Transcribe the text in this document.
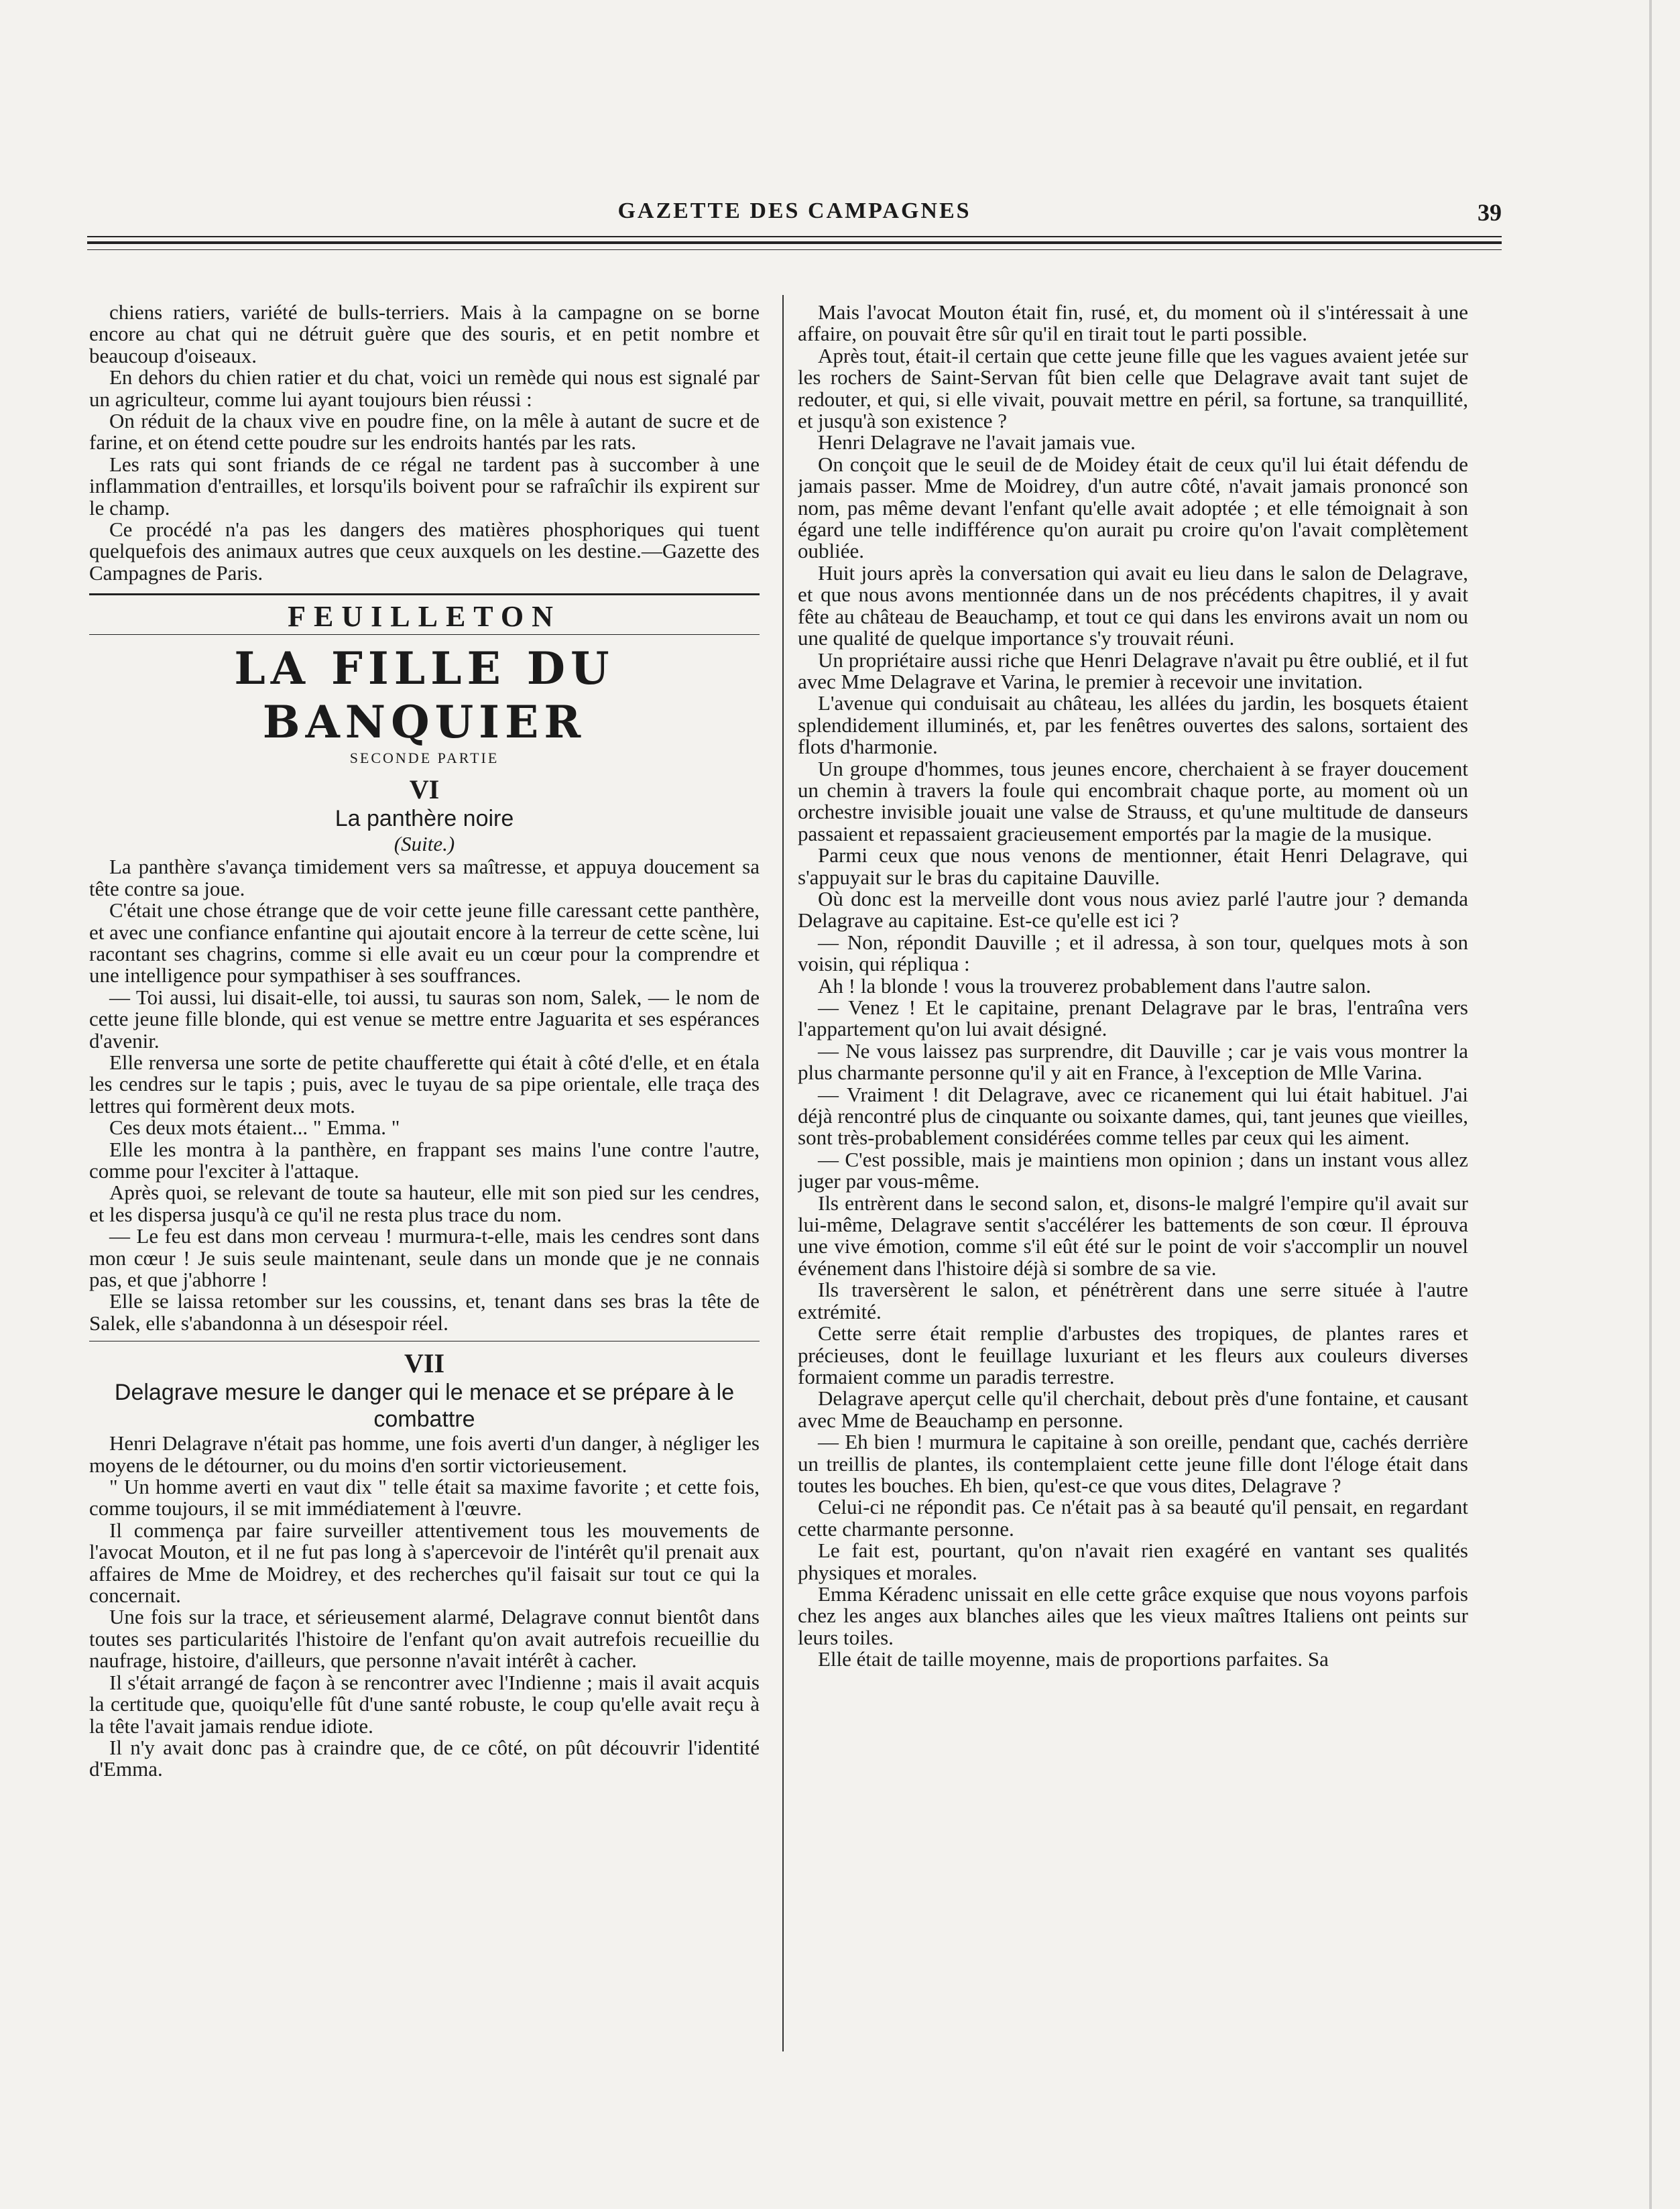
GAZETTE DES CAMPAGNES	39

chiens ratiers, variété de bulls-terriers. Mais à la campagne on se borne encore au chat qui ne détruit guère que des souris, et en petit nombre et beaucoup d'oiseaux.

En dehors du chien ratier et du chat, voici un remède qui nous est signalé par un agriculteur, comme lui ayant toujours bien réussi :

On réduit de la chaux vive en poudre fine, on la mêle à autant de sucre et de farine, et on étend cette poudre sur les endroits hantés par les rats.

Les rats qui sont friands de ce régal ne tardent pas à succomber à une inflammation d'entrailles, et lorsqu'ils boivent pour se rafraîchir ils expirent sur le champ.

Ce procédé n'a pas les dangers des matières phosphoriques qui tuent quelquefois des animaux autres que ceux auxquels on les destine.—Gazette des Campagnes de Paris.

FEUILLETON
LA FILLE DU BANQUIER
SECONDE PARTIE
VI
La panthère noire
(Suite.)

La panthère s'avança timidement vers sa maîtresse, et appuya doucement sa tête contre sa joue.

C'était une chose étrange que de voir cette jeune fille caressant cette panthère, et avec une confiance enfantine qui ajoutait encore à la terreur de cette scène, lui racontant ses chagrins, comme si elle avait eu un cœur pour la comprendre et une intelligence pour sympathiser à ses souffrances.

— Toi aussi, lui disait-elle, toi aussi, tu sauras son nom, Salek, — le nom de cette jeune fille blonde, qui est venue se mettre entre Jaguarita et ses espérances d'avenir.

Elle renversa une sorte de petite chaufferette qui était à côté d'elle, et en étala les cendres sur le tapis ; puis, avec le tuyau de sa pipe orientale, elle traça des lettres qui formèrent deux mots.

Ces deux mots étaient... " Emma. "

Elle les montra à la panthère, en frappant ses mains l'une contre l'autre, comme pour l'exciter à l'attaque.

Après quoi, se relevant de toute sa hauteur, elle mit son pied sur les cendres, et les dispersa jusqu'à ce qu'il ne resta plus trace du nom.

— Le feu est dans mon cerveau ! murmura-t-elle, mais les cendres sont dans mon cœur ! Je suis seule maintenant, seule dans un monde que je ne connais pas, et que j'abhorre !

Elle se laissa retomber sur les coussins, et, tenant dans ses bras la tête de Salek, elle s'abandonna à un désespoir réel.

VII
Delagrave mesure le danger qui le menace et se prépare à le combattre

Henri Delagrave n'était pas homme, une fois averti d'un danger, à négliger les moyens de le détourner, ou du moins d'en sortir victorieusement.

" Un homme averti en vaut dix " telle était sa maxime favorite ; et cette fois, comme toujours, il se mit immédiatement à l'œuvre.

Il commença par faire surveiller attentivement tous les mouvements de l'avocat Mouton, et il ne fut pas long à s'apercevoir de l'intérêt qu'il prenait aux affaires de Mme de Moidrey, et des recherches qu'il faisait sur tout ce qui la concernait.

Une fois sur la trace, et sérieusement alarmé, Delagrave connut bientôt dans toutes ses particularités l'histoire de l'enfant qu'on avait autrefois recueillie du naufrage, histoire, d'ailleurs, que personne n'avait intérêt à cacher.

Il s'était arrangé de façon à se rencontrer avec l'Indienne ; mais il avait acquis la certitude que, quoiqu'elle fût d'une santé robuste, le coup qu'elle avait reçu à la tête l'avait jamais rendue idiote.

Il n'y avait donc pas à craindre que, de ce côté, on pût découvrir l'identité d'Emma.

Mais l'avocat Mouton était fin, rusé, et, du moment où il s'intéressait à une affaire, on pouvait être sûr qu'il en tirait tout le parti possible.

Après tout, était-il certain que cette jeune fille que les vagues avaient jetée sur les rochers de Saint-Servan fût bien celle que Delagrave avait tant sujet de redouter, et qui, si elle vivait, pouvait mettre en péril, sa fortune, sa tranquillité, et jusqu'à son existence ?

Henri Delagrave ne l'avait jamais vue.

On conçoit que le seuil de de Moidey était de ceux qu'il lui était défendu de jamais passer. Mme de Moidrey, d'un autre côté, n'avait jamais prononcé son nom, pas même devant l'enfant qu'elle avait adoptée ; et elle témoignait à son égard une telle indifférence qu'on aurait pu croire qu'on l'avait complètement oubliée.

Huit jours après la conversation qui avait eu lieu dans le salon de Delagrave, et que nous avons mentionnée dans un de nos précédents chapitres, il y avait fête au château de Beauchamp, et tout ce qui dans les environs avait un nom ou une qualité de quelque importance s'y trouvait réuni.

Un propriétaire aussi riche que Henri Delagrave n'avait pu être oublié, et il fut avec Mme Delagrave et Varina, le premier à recevoir une invitation.

L'avenue qui conduisait au château, les allées du jardin, les bosquets étaient splendidement illuminés, et, par les fenêtres ouvertes des salons, sortaient des flots d'harmonie.

Un groupe d'hommes, tous jeunes encore, cherchaient à se frayer doucement un chemin à travers la foule qui encombrait chaque porte, au moment où un orchestre invisible jouait une valse de Strauss, et qu'une multitude de danseurs passaient et repassaient gracieusement emportés par la magie de la musique.

Parmi ceux que nous venons de mentionner, était Henri Delagrave, qui s'appuyait sur le bras du capitaine Dauville.

Où donc est la merveille dont vous nous aviez parlé l'autre jour ? demanda Delagrave au capitaine. Est-ce qu'elle est ici ?

— Non, répondit Dauville ; et il adressa, à son tour, quelques mots à son voisin, qui répliqua :

Ah ! la blonde ! vous la trouverez probablement dans l'autre salon.

— Venez ! Et le capitaine, prenant Delagrave par le bras, l'entraîna vers l'appartement qu'on lui avait désigné.

— Ne vous laissez pas surprendre, dit Dauville ; car je vais vous montrer la plus charmante personne qu'il y ait en France, à l'exception de Mlle Varina.

— Vraiment ! dit Delagrave, avec ce ricanement qui lui était habituel. J'ai déjà rencontré plus de cinquante ou soixante dames, qui, tant jeunes que vieilles, sont très-probablement considérées comme telles par ceux qui les aiment.

— C'est possible, mais je maintiens mon opinion ; dans un instant vous allez juger par vous-même.

Ils entrèrent dans le second salon, et, disons-le malgré l'empire qu'il avait sur lui-même, Delagrave sentit s'accélérer les battements de son cœur. Il éprouva une vive émotion, comme s'il eût été sur le point de voir s'accomplir un nouvel événement dans l'histoire déjà si sombre de sa vie.

Ils traversèrent le salon, et pénétrèrent dans une serre située à l'autre extrémité.

Cette serre était remplie d'arbustes des tropiques, de plantes rares et précieuses, dont le feuillage luxuriant et les fleurs aux couleurs diverses formaient comme un paradis terrestre.

Delagrave aperçut celle qu'il cherchait, debout près d'une fontaine, et causant avec Mme de Beauchamp en personne.

— Eh bien ! murmura le capitaine à son oreille, pendant que, cachés derrière un treillis de plantes, ils contemplaient cette jeune fille dont l'éloge était dans toutes les bouches. Eh bien, qu'est-ce que vous dites, Delagrave ?

Celui-ci ne répondit pas. Ce n'était pas à sa beauté qu'il pensait, en regardant cette charmante personne.

Le fait est, pourtant, qu'on n'avait rien exagéré en vantant ses qualités physiques et morales.

Emma Kéradenc unissait en elle cette grâce exquise que nous voyons parfois chez les anges aux blanches ailes que les vieux maîtres Italiens ont peints sur leurs toiles.

Elle était de taille moyenne, mais de proportions parfaites. Sa
